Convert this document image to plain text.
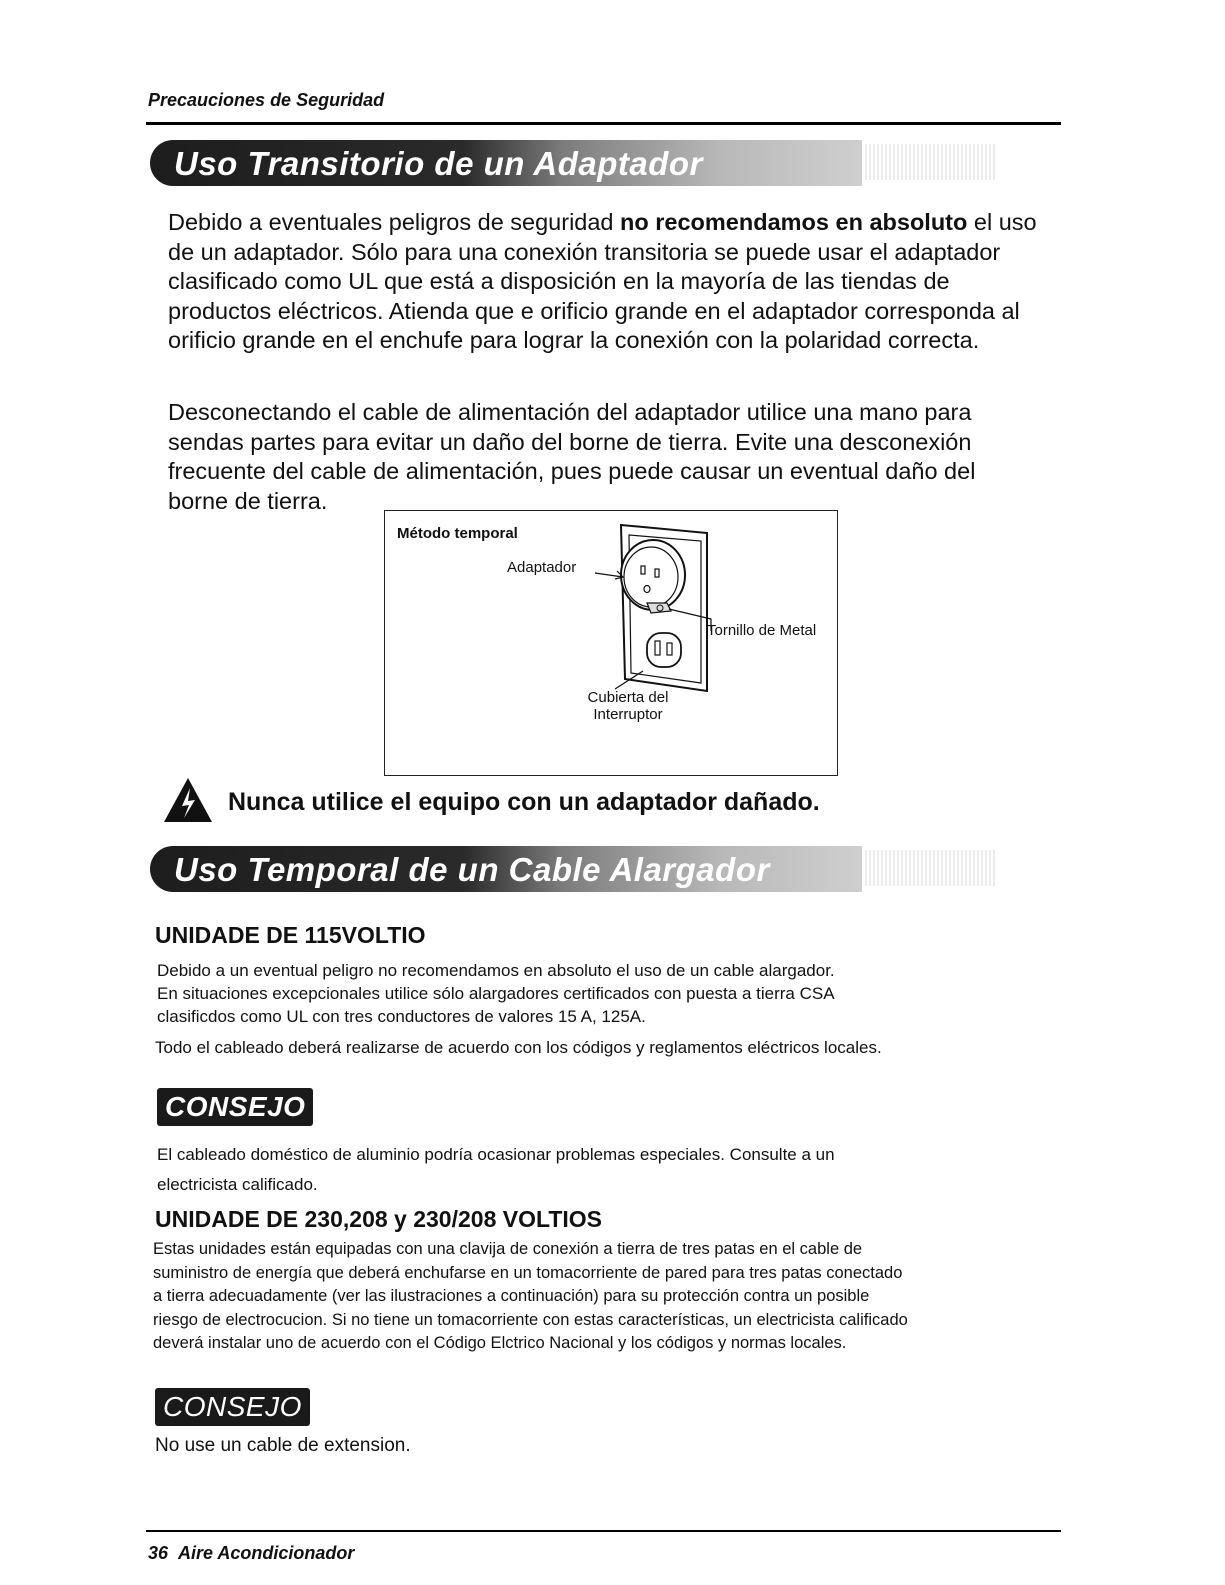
Precauciones de Seguridad
Uso Transitorio de un Adaptador

Debido a eventuales peligros de seguridad no recomendamos en absoluto el uso de un adaptador. Sólo para una conexión transitoria se puede usar el adaptador clasificado como UL que está a disposición en la mayoría de las tiendas de productos eléctricos. Atienda que e orificio grande en el adaptador corresponda al orificio grande en el enchufe para lograr la conexión con la polaridad correcta.

Desconectando el cable de alimentación del adaptador utilice una mano para sendas partes para evitar un daño del borne de tierra. Evite una desconexión frecuente del cable de alimentación, pues puede causar un eventual daño del borne de tierra.

Método temporal
Adaptador
Tornillo de Metal
Cubierta del
Interruptor
Nunca utilice el equipo con un adaptador dañado.
Uso Temporal de un Cable Alargador
UNIDADE DE 115VOLTIO

Debido a un eventual peligro no recomendamos en absoluto el uso de un cable alargador.

En situaciones excepcionales utilice sólo alargadores certificados con puesta a tierra CSA

clasificdos como UL con tres conductores de valores 15 A, 125A.

Todo el cableado deberá realizarse de acuerdo con los códigos y reglamentos eléctricos locales.

CONSEJO

El cableado doméstico de aluminio podría ocasionar problemas especiales. Consulte a un

electricista calificado.

UNIDADE DE 230,208 y 230/208 VOLTIOS

Estas unidades están equipadas con una clavija de conexión a tierra de tres patas en el cable de

suministro de energía que deberá enchufarse en un tomacorriente de pared para tres patas conectado

a tierra adecuadamente (ver las ilustraciones a continuación) para su protección contra un posible

riesgo de electrocucion. Si no tiene un tomacorriente con estas características, un electricista calificado

deverá instalar uno de acuerdo con el Código Elctrico Nacional y los códigos y normas locales.

CONSEJO

No use un cable de extension.

36 Aire Acondicionador
